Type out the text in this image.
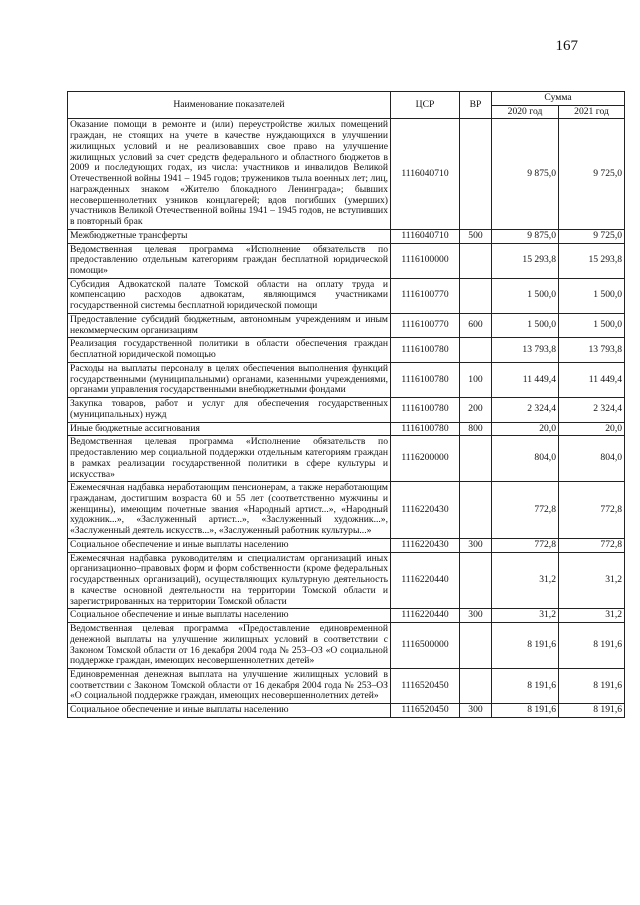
167
Наименование показателей	ЦСР	ВР	Сумма	
			2020 год	2021 год
Оказание помощи в ремонте и (или) переустройстве жилых помещений граждан, не стоящих на учете в качестве нуждающихся в улучшении жилищных условий и не реализовавших свое право на улучшение жилищных условий за счет средств федерального и областного бюджетов в 2009 и последующих годах, из числа: участников и инвалидов Великой Отечественной войны 1941 – 1945 годов; тружеников тыла военных лет; лиц, награжденных знаком «Жителю блокадного Ленинграда»; бывших несовершеннолетних узников концлагерей; вдов погибших (умерших) участников Великой Отечественной войны 1941 – 1945 годов, не вступивших в повторный брак	1116040710		9 875,0	9 725,0
Межбюджетные трансферты	1116040710	500	9 875,0	9 725,0
Ведомственная целевая программа «Исполнение обязательств по предоставлению отдельным категориям граждан бесплатной юридической помощи»	1116100000		15 293,8	15 293,8
Субсидия Адвокатской палате Томской области на оплату труда и компенсацию расходов адвокатам, являющимся участниками государственной системы бесплатной юридической помощи	1116100770		1 500,0	1 500,0
Предоставление субсидий бюджетным, автономным учреждениям и иным некоммерческим организациям	1116100770	600	1 500,0	1 500,0
Реализация государственной политики в области обеспечения граждан бесплатной юридической помощью	1116100780		13 793,8	13 793,8
Расходы на выплаты персоналу в целях обеспечения выполнения функций государственными (муниципальными) органами, казенными учреждениями, органами управления государственными внебюджетными фондами	1116100780	100	11 449,4	11 449,4
Закупка товаров, работ и услуг для обеспечения государственных (муниципальных) нужд	1116100780	200	2 324,4	2 324,4
Иные бюджетные ассигнования	1116100780	800	20,0	20,0
Ведомственная целевая программа «Исполнение обязательств по предоставлению мер социальной поддержки отдельным категориям граждан в рамках реализации государственной политики в сфере культуры и искусства»	1116200000		804,0	804,0
Ежемесячная надбавка неработающим пенсионерам, а также неработающим гражданам, достигшим возраста 60 и 55 лет (соответственно мужчины и женщины), имеющим почетные звания «Народный артист...», «Народный художник...», «Заслуженный артист...», «Заслуженный художник...», «Заслуженный деятель искусств...», «Заслуженный работник культуры...»	1116220430		772,8	772,8
Социальное обеспечение и иные выплаты населению	1116220430	300	772,8	772,8
Ежемесячная надбавка руководителям и специалистам организаций иных организационно–правовых форм и форм собственности (кроме федеральных государственных организаций), осуществляющих культурную деятельность в качестве основной деятельности на территории Томской области и зарегистрированных на территории Томской области	1116220440		31,2	31,2
Социальное обеспечение и иные выплаты населению	1116220440	300	31,2	31,2
Ведомственная целевая программа «Предоставление единовременной денежной выплаты на улучшение жилищных условий в соответствии с Законом Томской области от 16 декабря 2004 года № 253–ОЗ «О социальной поддержке граждан, имеющих несовершеннолетних детей»	1116500000		8 191,6	8 191,6
Единовременная денежная выплата на улучшение жилищных условий в соответствии с Законом Томской области от 16 декабря 2004 года № 253–ОЗ «О социальной поддержке граждан, имеющих несовершеннолетних детей»	1116520450		8 191,6	8 191,6
Социальное обеспечение и иные выплаты населению	1116520450	300	8 191,6	8 191,6
